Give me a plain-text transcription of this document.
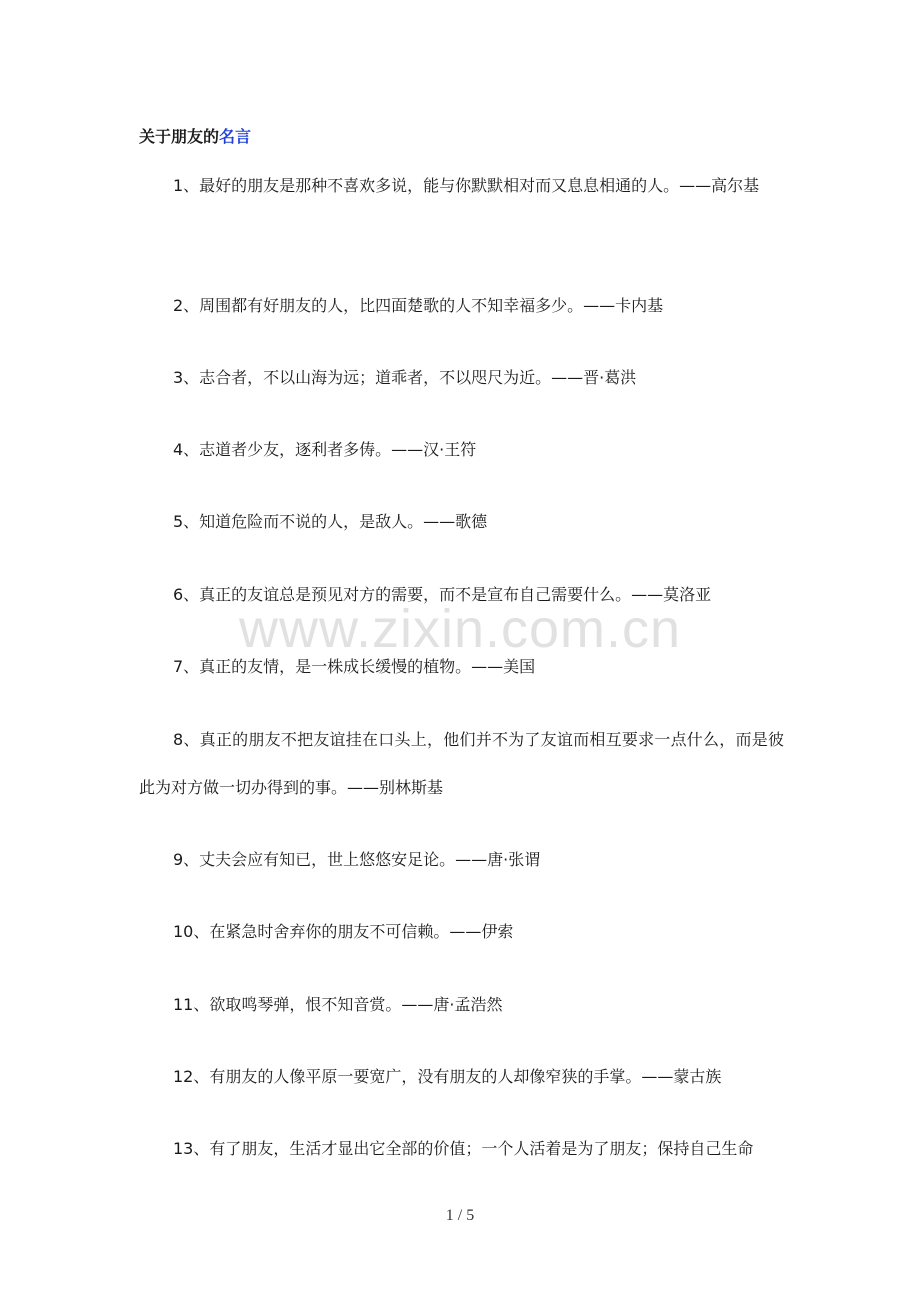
www.zixin.com.cn
关于朋友的名言

1、最好的朋友是那种不喜欢多说，能与你默默相对而又息息相通的人。——高尔基

2、周围都有好朋友的人，比四面楚歌的人不知幸福多少。——卡内基

3、志合者，不以山海为远；道乖者，不以咫尺为近。——晋·葛洪

4、志道者少友，逐利者多俦。——汉·王符

5、知道危险而不说的人，是敌人。——歌德

6、真正的友谊总是预见对方的需要，而不是宣布自己需要什么。——莫洛亚

7、真正的友情，是一株成长缓慢的植物。——美国

8、真正的朋友不把友谊挂在口头上，他们并不为了友谊而相互要求一点什么，而是彼此为对方做一切办得到的事。——别林斯基

9、丈夫会应有知已，世上悠悠安足论。——唐·张谓

10、在紧急时舍弃你的朋友不可信赖。——伊索

11、欲取鸣琴弹，恨不知音赏。——唐·孟浩然

12、有朋友的人像平原一要宽广，没有朋友的人却像窄狭的手掌。——蒙古族

13、有了朋友，生活才显出它全部的价值；一个人活着是为了朋友；保持自己生命

1 / 5
